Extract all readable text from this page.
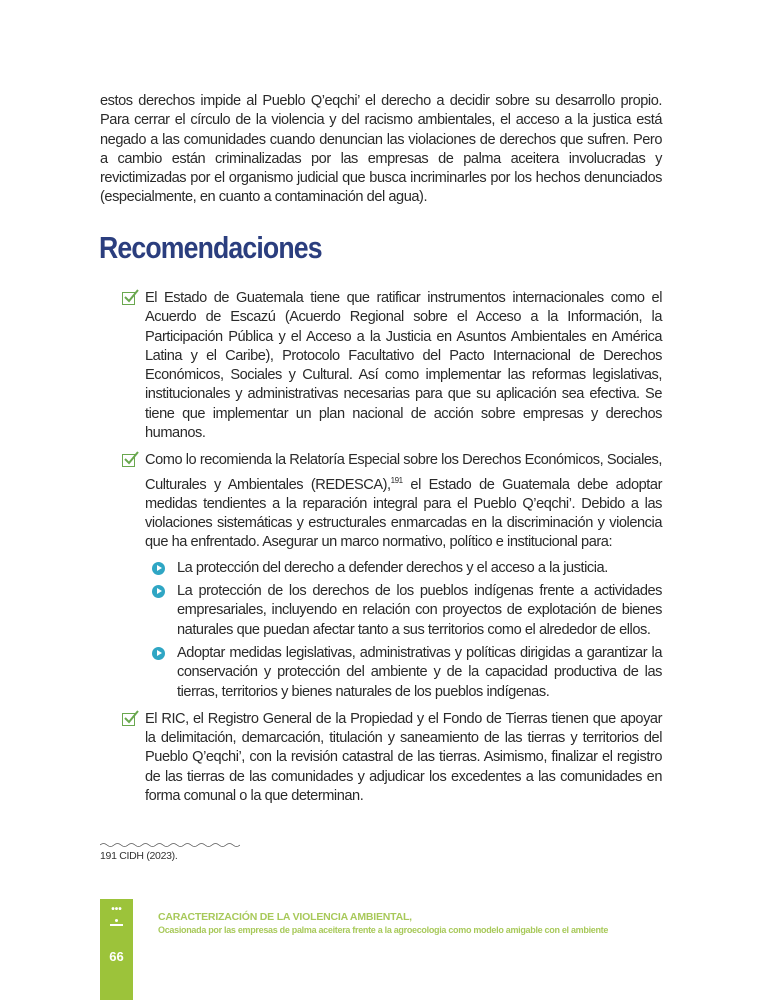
estos derechos impide al Pueblo Q’eqchi’ el derecho a decidir sobre su desarrollo propio. Para cerrar el círculo de la violencia y del racismo ambientales, el acceso a la justica está negado a las comunidades cuando denuncian las violaciones de derechos que sufren. Pero a cambio están criminalizadas por las empresas de palma aceitera involucradas y revictimizadas por el organismo judicial que busca incriminarles por los hechos denunciados (especialmente, en cuanto a contaminación del agua).

Recomendaciones
El Estado de Guatemala tiene que ratificar instrumentos internacionales como el Acuerdo de Escazú (Acuerdo Regional sobre el Acceso a la Información, la Participación Pública y el Acceso a la Justicia en Asuntos Ambientales en América Latina y el Caribe), Protocolo Facultativo del Pacto Internacional de Derechos Económicos, Sociales y Cultural. Así como implementar las reformas legislativas, institucionales y administrativas necesarias para que su aplicación sea efectiva. Se tiene que implementar un plan nacional de acción sobre empresas y derechos humanos.
Como lo recomienda la Relatoría Especial sobre los Derechos Económicos, Sociales, Culturales y Ambientales (REDESCA),$^{191}$ el Estado de Guatemala debe adoptar medidas tendientes a la reparación integral para el Pueblo Q’eqchi’. Debido a las violaciones sistemáticas y estructurales enmarcadas en la discriminación y violencia que ha enfrentado. Asegurar un marco normativo, político e institucional para:
La protección del derecho a defender derechos y el acceso a la justicia.
La protección de los derechos de los pueblos indígenas frente a actividades empresariales, incluyendo en relación con proyectos de explotación de bienes naturales que puedan afectar tanto a sus territorios como el alrededor de ellos.
Adoptar medidas legislativas, administrativas y políticas dirigidas a garantizar la conservación y protección del ambiente y de la capacidad productiva de las tierras, territorios y bienes naturales de los pueblos indígenas.
El RIC, el Registro General de la Propiedad y el Fondo de Tierras tienen que apoyar la delimitación, demarcación, titulación y saneamiento de las tierras y territorios del Pueblo Q’eqchi’, con la revisión catastral de las tierras. Asimismo, finalizar el registro de las tierras de las comunidades y adjudicar los excedentes a las comunidades en forma comunal o la que determinan.
191 CIDH (2023).
•••
66
CARACTERIZACIÓN DE LA VIOLENCIA AMBIENTAL,
Ocasionada por las empresas de palma aceitera frente a la agroecologia como modelo amigable con el ambiente
